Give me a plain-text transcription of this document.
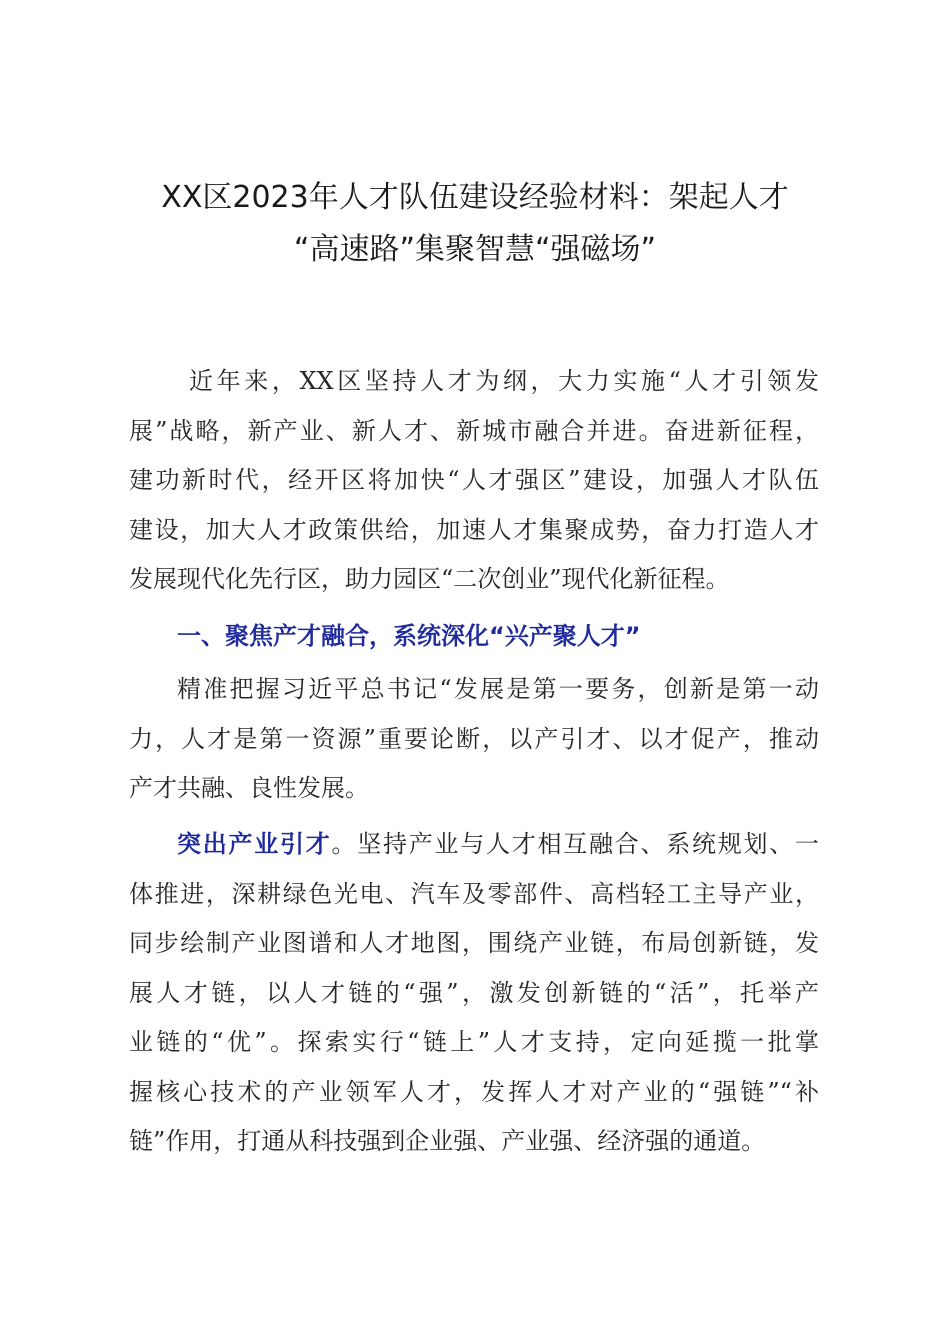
XX区2023年人才队伍建设经验材料：架起人才
“高速路”集聚智慧“强磁场”
近年来，XX区坚持人才为纲，大力实施“人才引领发
展”战略，新产业、新人才、新城市融合并进。奋进新征程，
建功新时代，经开区将加快“人才强区”建设，加强人才队伍
建设，加大人才政策供给，加速人才集聚成势，奋力打造人才
发展现代化先行区，助力园区“二次创业”现代化新征程。
一、聚焦产才融合，系统深化“兴产聚人才”
精准把握习近平总书记“发展是第一要务，创新是第一动
力，人才是第一资源”重要论断，以产引才、以才促产，推动
产才共融、良性发展。
突出产业引才。坚持产业与人才相互融合、系统规划、一
体推进，深耕绿色光电、汽车及零部件、高档轻工主导产业，
同步绘制产业图谱和人才地图，围绕产业链，布局创新链，发
展人才链，以人才链的“强”，激发创新链的“活”，托举产
业链的“优”。探索实行“链上”人才支持，定向延揽一批掌
握核心技术的产业领军人才，发挥人才对产业的“强链”“补
链”作用，打通从科技强到企业强、产业强、经济强的通道。
